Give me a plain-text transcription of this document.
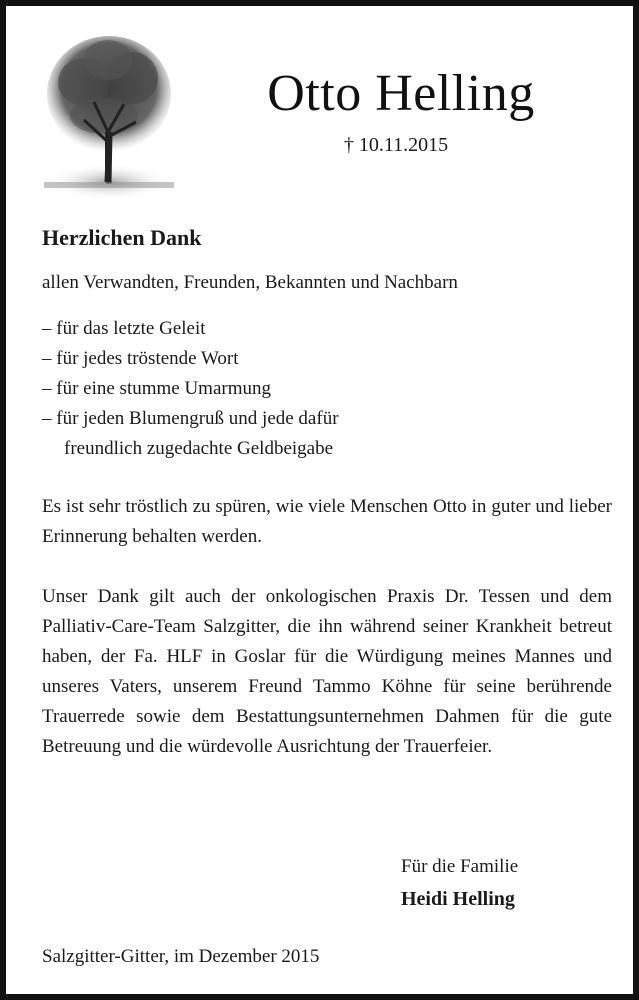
Otto Helling
† 10.11.2015
Herzlichen Dank
allen Verwandten, Freunden, Bekannten und Nachbarn
– für das letzte Geleit
– für jedes tröstende Wort
– für eine stumme Umarmung
– für jeden Blumengruß und jede dafür
freundlich zugedachte Geldbeigabe
Es ist sehr tröstlich zu spüren, wie viele Menschen Otto in guter und lieber Erinnerung behalten werden.
Unser Dank gilt auch der onkologischen Praxis Dr. Tessen und dem Palliativ-Care-Team Salzgitter, die ihn während seiner Krankheit betreut haben, der Fa. HLF in Goslar für die Würdigung meines Mannes und unseres Vaters, unserem Freund Tammo Köhne für seine berührende Trauerrede sowie dem Bestattungsunternehmen Dahmen für die gute Betreuung und die würdevolle Ausrichtung der Trauerfeier.
Für die Familie
Heidi Helling
Salzgitter-Gitter, im Dezember 2015
